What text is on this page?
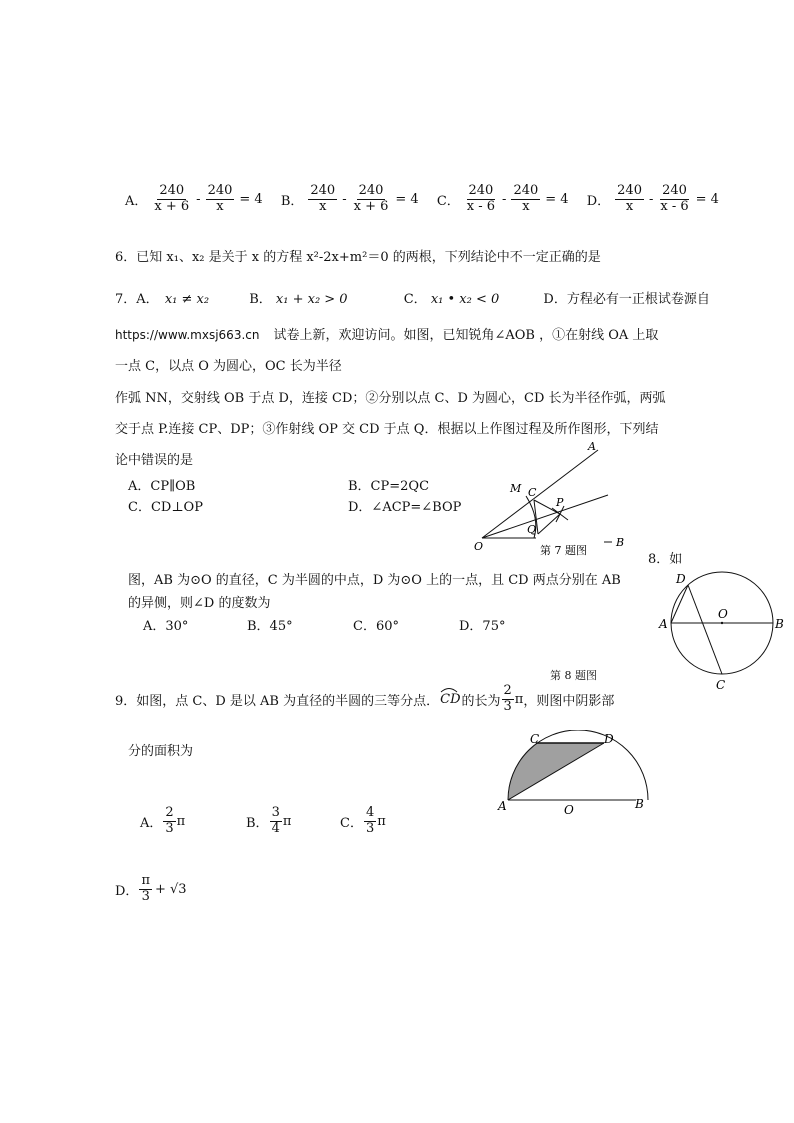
A． $\frac{240}{x + 6} - \frac{240}{x} = 4$
B． $\frac{240}{x} - \frac{240}{x + 6} = 4$
C． $\frac{240}{x - 6} - \frac{240}{x} = 4$
D． $\frac{240}{x} - \frac{240}{x - 6} = 4$
6．已知 x₁、x₂ 是关于 x 的方程 x²-2x+m²＝0 的两根，下列结论中不一定正确的是
7．A． x₁ ≠ x₂	B． x₁ + x₂ > 0	C． x₁ • x₂ < 0	D．方程必有一正根试卷源自
https://www.mxsj663.cn 试卷上新，欢迎访问。如图，已知锐角∠AOB ，①在射线 OA 上取
一点 C，以点 O 为圆心，OC 长为半径
作弧 NN，交射线 OB 于点 D，连接 CD；②分别以点 C、D 为圆心，CD 长为半径作弧，两弧
交于点 P.连接 CP、DP；③作射线 OP 交 CD 于点 Q．根据以上作图过程及所作图形，下列结
论中错误的是
A．CP∥OB	B．CP=2QC
C．CD⊥OP	D．∠ACP=∠BOP
A
M C
P
Q
O	第 7 题图
B
8．如
图，AB 为⊙O 的直径，C 为半圆的中点，D 为⊙O 上的一点，且 CD 两点分别在 AB
的异侧，则∠D 的度数为
A．30°	B．45°	C．60°	D．75°
D
O
A	B
C
第 8 题图
9．如图，点 C、D 是以 AB 为直径的半圆的三等分点． CD 的长为 $\frac{2}{3}$ π ，则图中阴影部
分的面积为
A． $\frac{2}{3}$ π	B． $\frac{3}{4}$ π	C． $\frac{4}{3}$ π
D． $\frac{\pi}{3} + √3$
C	D
A	O	B
